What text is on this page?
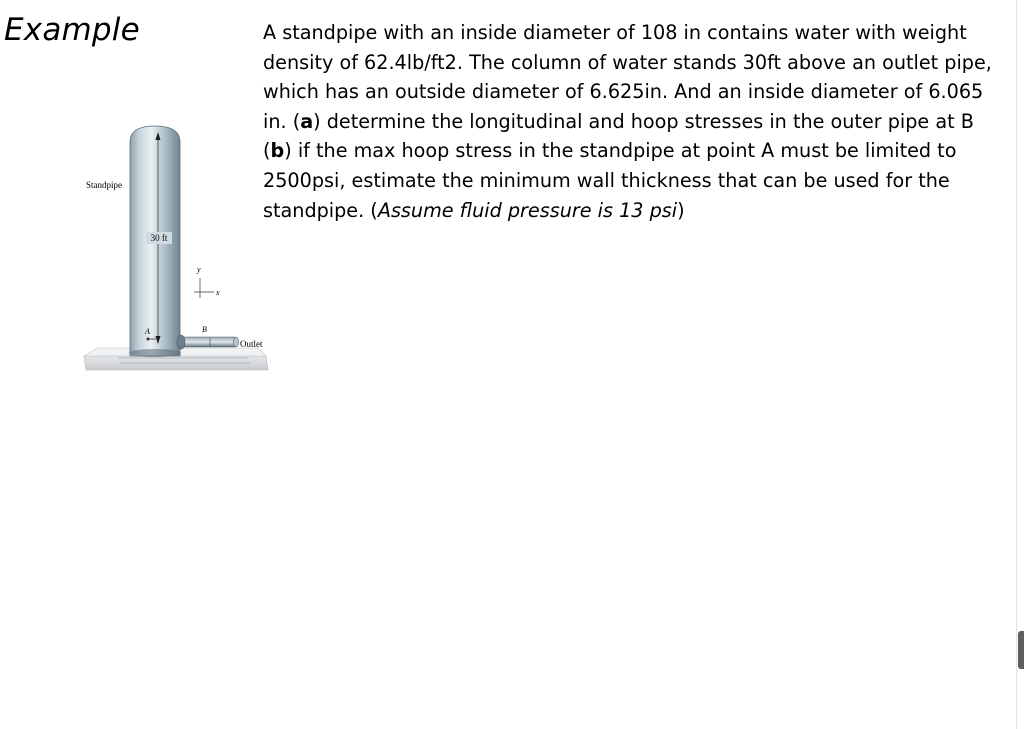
Example	A standpipe with an inside diameter of 108 in contains water with weight
density of 62.4lb/ft2. The column of water stands 30ft above an outlet pipe,
which has an outside diameter of 6.625in. And an inside diameter of 6.065
in. (a) determine the longitudinal and hoop stresses in the outer pipe at B
(b) if the max hoop stress in the standpipe at point A must be limited to
2500psi, estimate the minimum wall thickness that can be used for the
standpipe. (Assume fluid pressure is 13 psi)
30 ft
A	B
y
x
Standpipe
Outlet
